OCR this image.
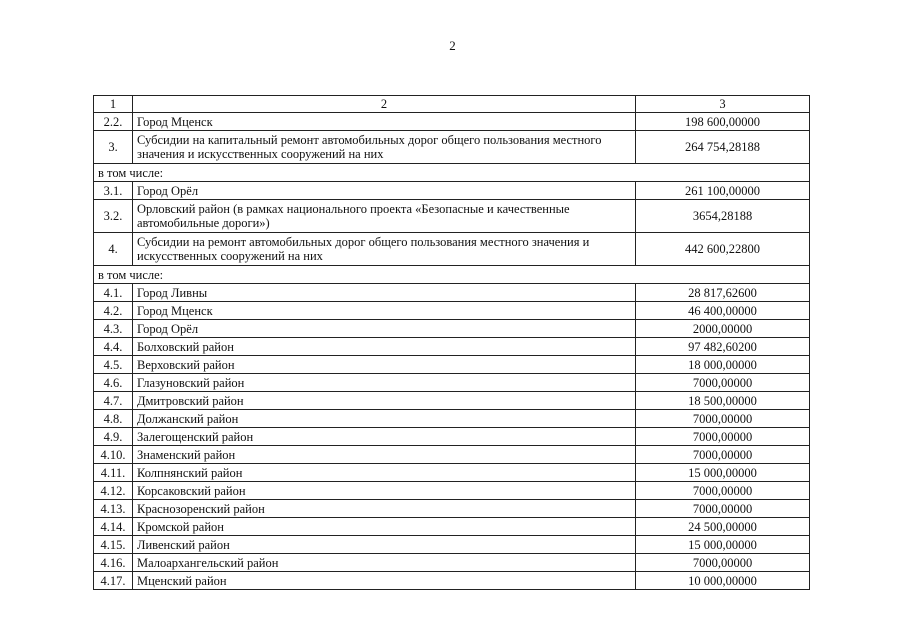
2
1	2	3
2.2.	Город Мценск	198 600,00000
3.	Субсидии на капитальный ремонт автомобильных дорог общего пользования местного значения и искусственных сооружений на них	264 754,28188
в том числе:		
3.1.	Город Орёл	261 100,00000
3.2.	Орловский район (в рамках национального проекта «Безопасные и качественные автомобильные дороги»)	3654,28188
4.	Субсидии на ремонт автомобильных дорог общего пользования местного значения и искусственных сооружений на них	442 600,22800
в том числе:		
4.1.	Город Ливны	28 817,62600
4.2.	Город Мценск	46 400,00000
4.3.	Город Орёл	2000,00000
4.4.	Болховский район	97 482,60200
4.5.	Верховский район	18 000,00000
4.6.	Глазуновский район	7000,00000
4.7.	Дмитровский район	18 500,00000
4.8.	Должанский район	7000,00000
4.9.	Залегощенский район	7000,00000
4.10.	Знаменский район	7000,00000
4.11.	Колпнянский район	15 000,00000
4.12.	Корсаковский район	7000,00000
4.13.	Краснозоренский район	7000,00000
4.14.	Кромской район	24 500,00000
4.15.	Ливенский район	15 000,00000
4.16.	Малоархангельский район	7000,00000
4.17.	Мценский район	10 000,00000
